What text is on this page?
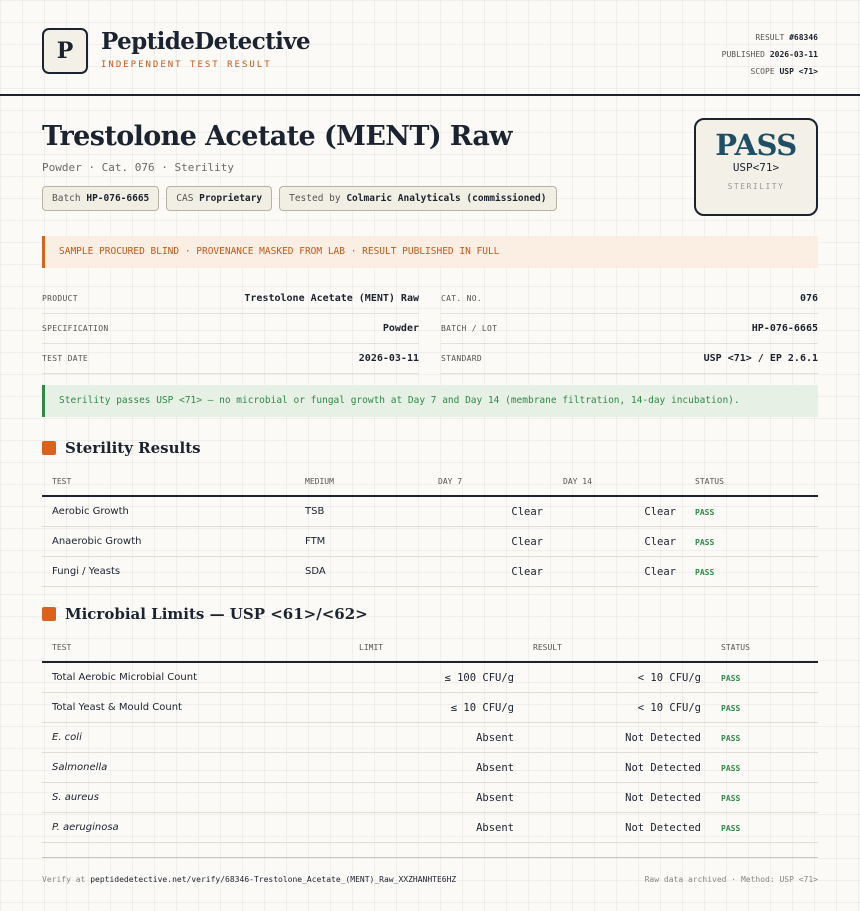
P PeptideDetective
INDEPENDENT TEST RESULT
RESULT #68346
PUBLISHED 2026-03-11
SCOPE USP <71>
Trestolone Acetate (MENT) Raw
Powder · Cat. 076 · Sterility
Batch HP-076-6665	CAS Proprietary	Tested by Colmaric Analyticals (commissioned)
PASS
USP<71>
STERILITY
SAMPLE PROCURED BLIND · PROVENANCE MASKED FROM LAB · RESULT PUBLISHED IN FULL
PRODUCT	Trestolone Acetate (MENT) Raw
SPECIFICATION	Powder
TEST DATE	2026-03-11
CAT. NO.	076
BATCH / LOT	HP-076-6665
STANDARD	USP <71> / EP 2.6.1
Sterility passes USP <71> — no microbial or fungal growth at Day 7 and Day 14 (membrane filtration, 14-day incubation).
Sterility Results
TEST	MEDIUM	DAY 7	DAY 14	STATUS
Aerobic Growth	TSB	Clear	Clear PASS
Anaerobic Growth	FTM	Clear	Clear PASS
Fungi / Yeasts	SDA	Clear	Clear PASS
Microbial Limits — USP <61>/<62>
TEST	LIMIT	RESULT	STATUS
Total Aerobic Microbial Count	≤ 100 CFU/g	< 10 CFU/g	PASS
Total Yeast & Mould Count	≤ 10 CFU/g	< 10 CFU/g	PASS
E. coli	Absent	Not Detected	PASS
Salmonella	Absent	Not Detected	PASS
S. aureus	Absent	Not Detected	PASS
P. aeruginosa	Absent	Not Detected	PASS
Verify at peptidedetective.net/verify/68346-Trestolone_Acetate_(MENT)_Raw_XXZHANHTE6HZ	Raw data archived · Method: USP <71>
